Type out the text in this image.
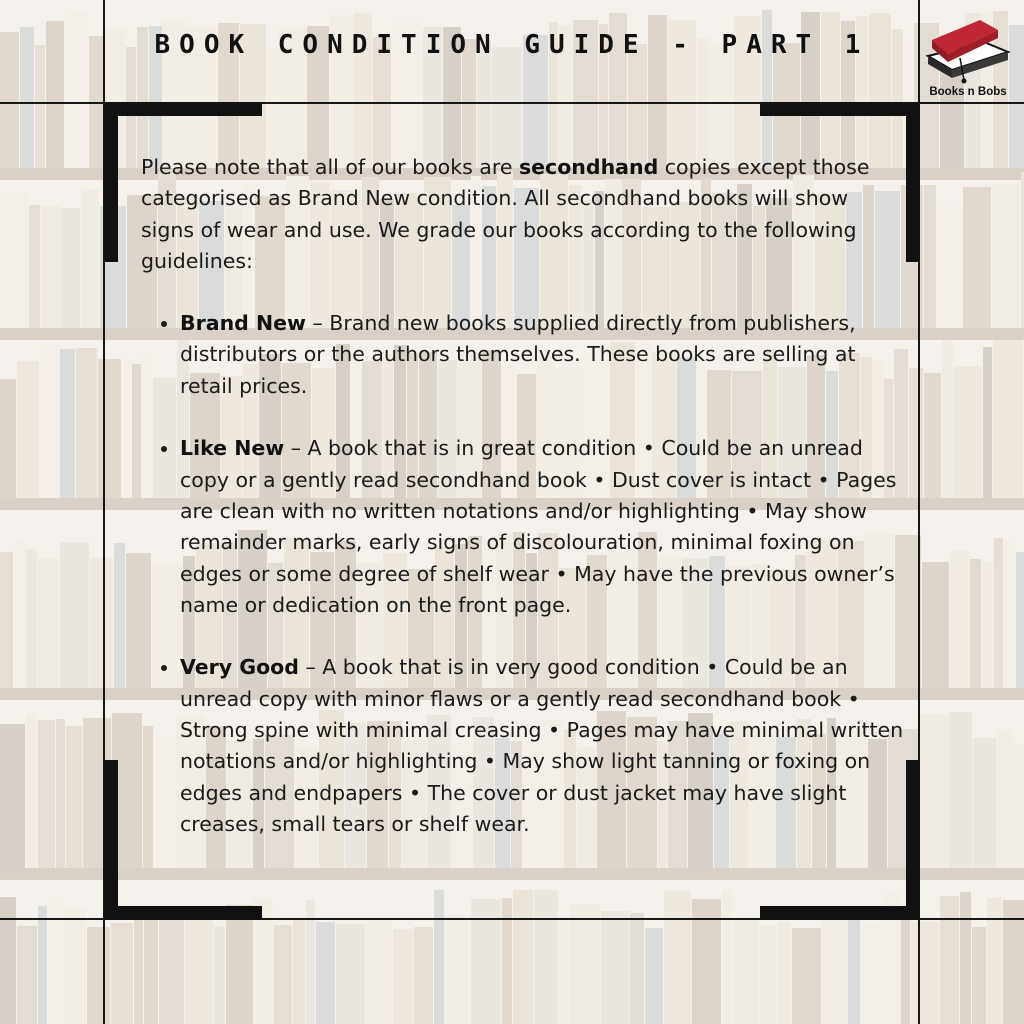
BOOK CONDITION GUIDE - PART 1
Books n Bobs

Please note that all of our books are secondhand copies except those categorised as Brand New condition. All secondhand books will show signs of wear and use. We grade our books according to the following guidelines:

• Brand New – Brand new books supplied directly from publishers, distributors or the authors themselves. These books are selling at retail prices.
• Like New – A book that is in great condition • Could be an unread copy or a gently read secondhand book • Dust cover is intact • Pages are clean with no written notations and/or highlighting • May show remainder marks, early signs of discolouration, minimal foxing on edges or some degree of shelf wear • May have the previous owner’s name or dedication on the front page.
• Very Good – A book that is in very good condition • Could be an unread copy with minor flaws or a gently read secondhand book • Strong spine with minimal creasing • Pages may have minimal written notations and/or highlighting • May show light tanning or foxing on edges and endpapers • The cover or dust jacket may have slight creases, small tears or shelf wear.
